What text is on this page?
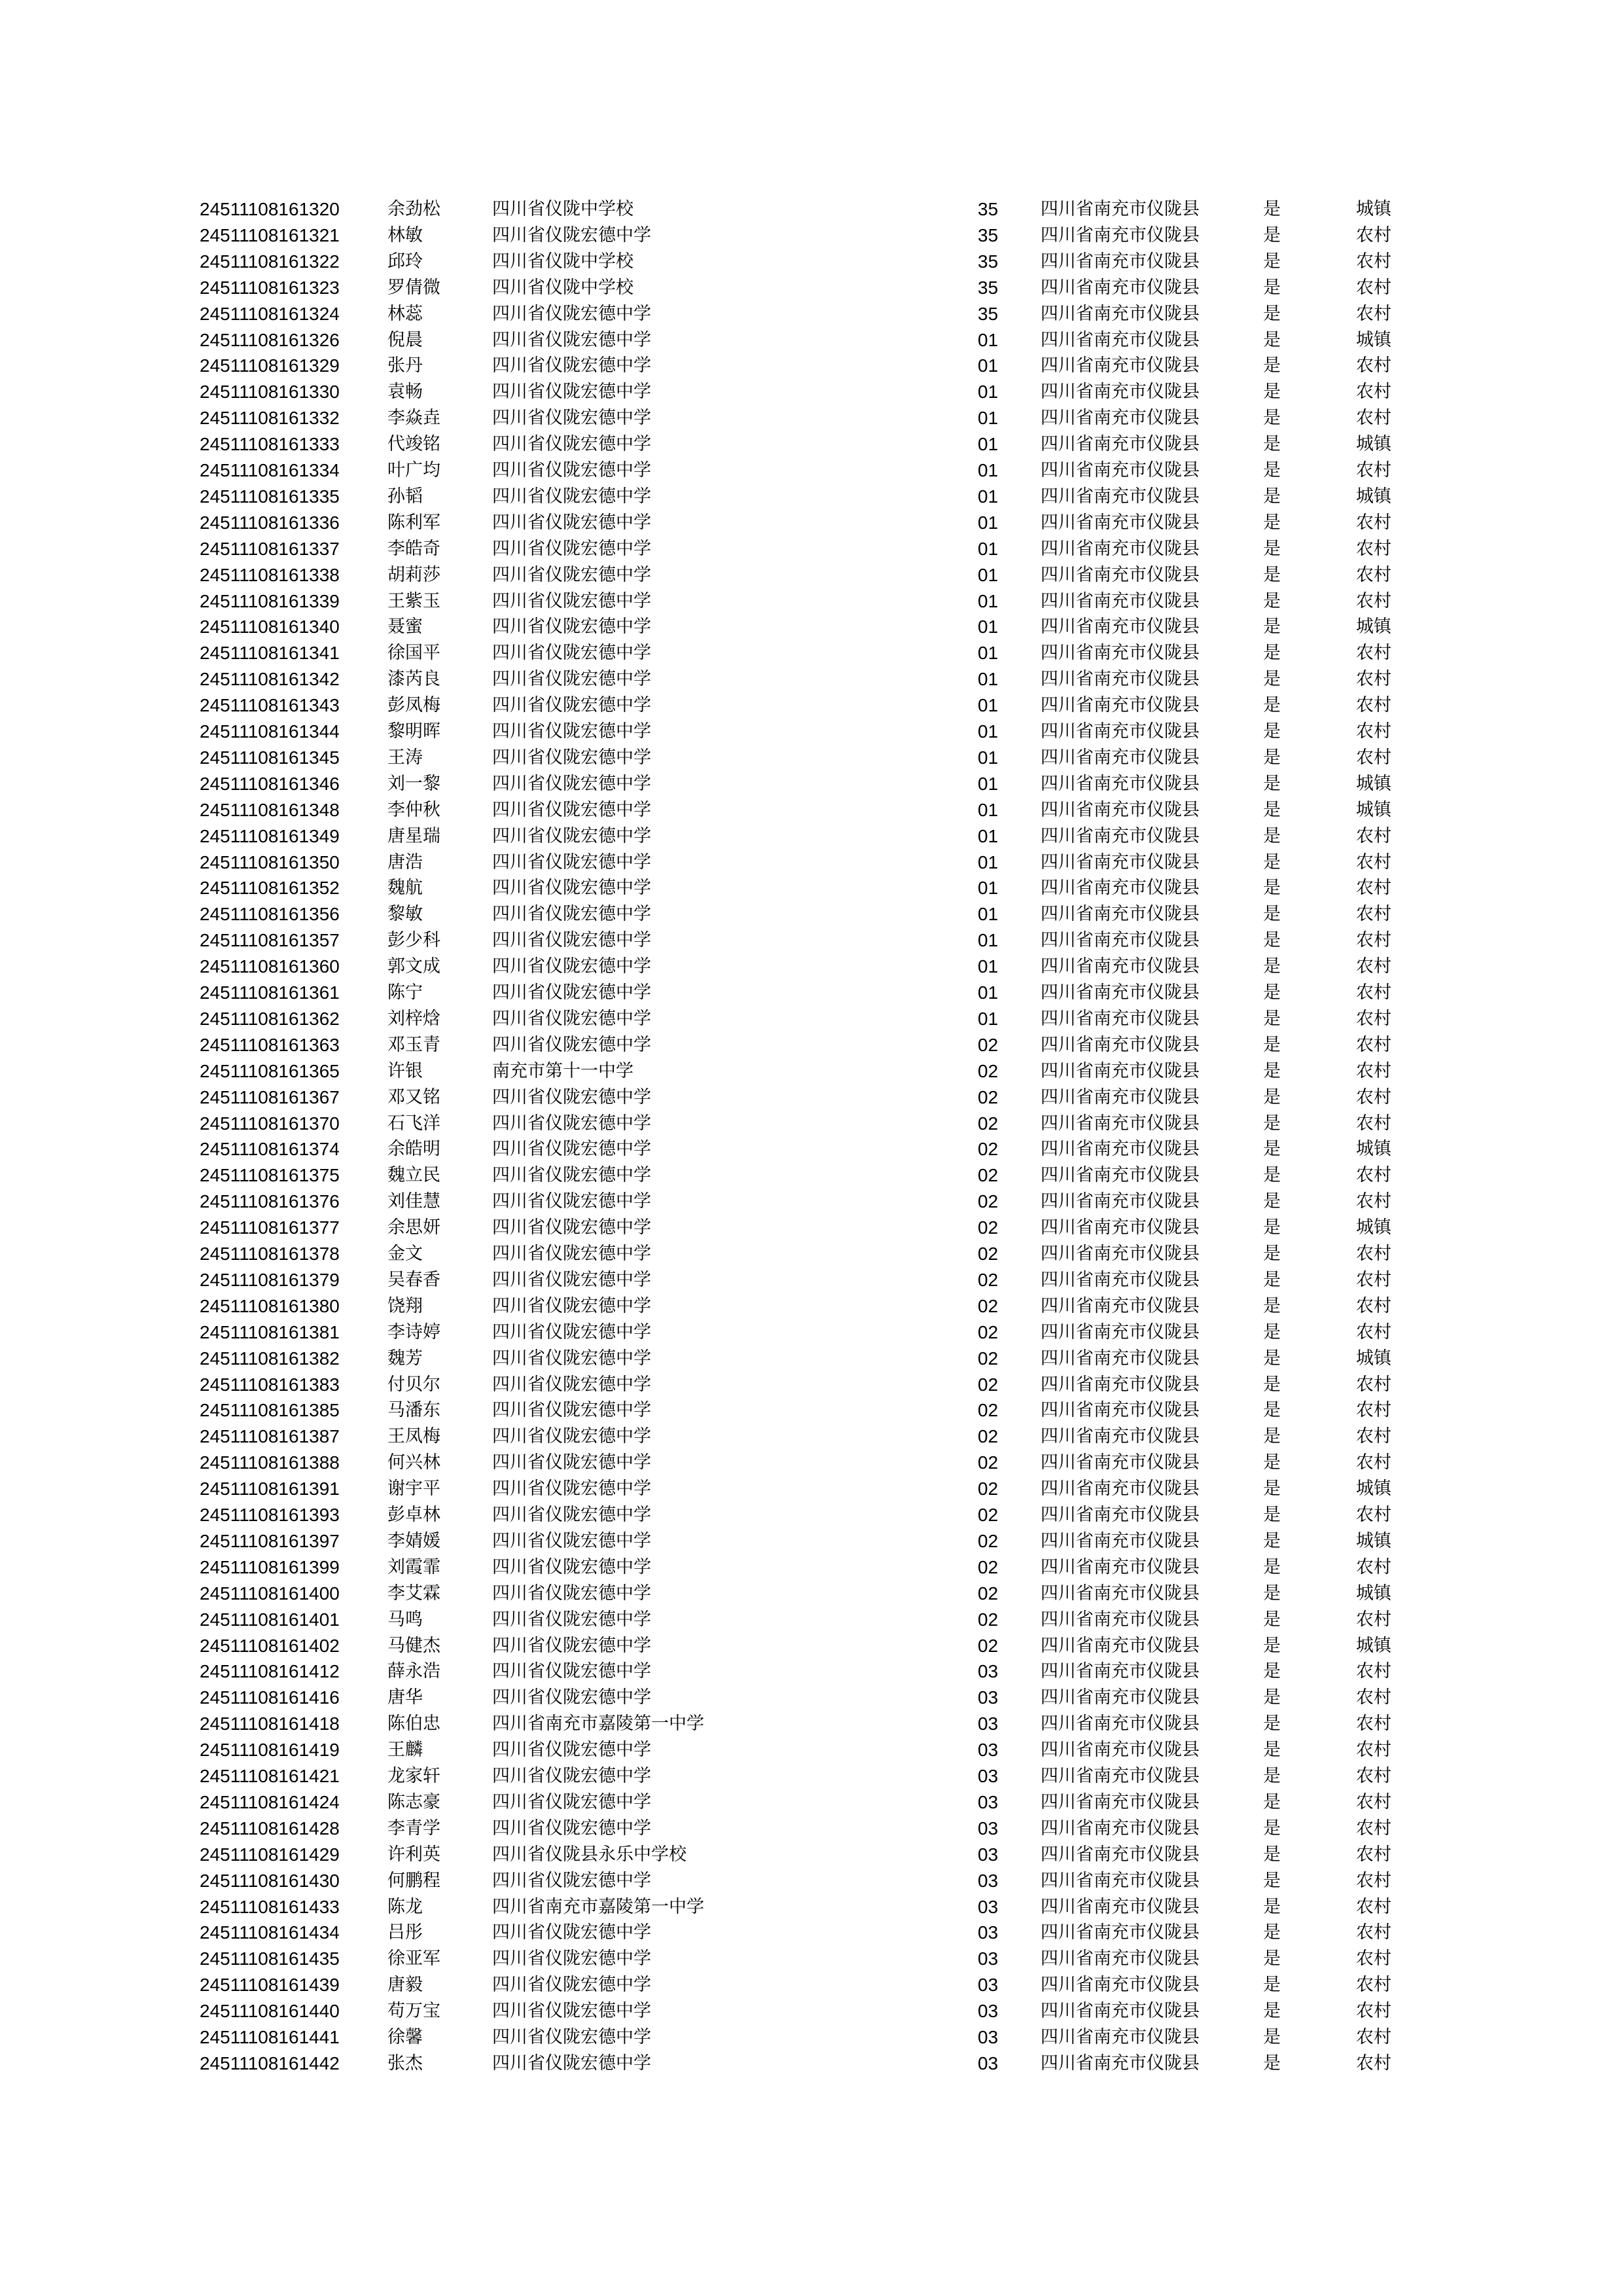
24511108161320	余劲松	四川省仪陇中学校	35 四川省南充市仪陇县	是	城镇
24511108161321	林敏	四川省仪陇宏德中学	35 四川省南充市仪陇县	是	农村
24511108161322	邱玲	四川省仪陇中学校	35 四川省南充市仪陇县	是	农村
24511108161323	罗倩微	四川省仪陇中学校	35 四川省南充市仪陇县	是	农村
24511108161324	林蕊	四川省仪陇宏德中学	35 四川省南充市仪陇县	是	农村
24511108161326	倪晨	四川省仪陇宏德中学	01 四川省南充市仪陇县	是	城镇
24511108161329	张丹	四川省仪陇宏德中学	01 四川省南充市仪陇县	是	农村
24511108161330	袁畅	四川省仪陇宏德中学	01 四川省南充市仪陇县	是	农村
24511108161332	李焱垚	四川省仪陇宏德中学	01 四川省南充市仪陇县	是	农村
24511108161333	代竣铭	四川省仪陇宏德中学	01 四川省南充市仪陇县	是	城镇
24511108161334	叶广均	四川省仪陇宏德中学	01 四川省南充市仪陇县	是	农村
24511108161335	孙韬	四川省仪陇宏德中学	01 四川省南充市仪陇县	是	城镇
24511108161336	陈利军	四川省仪陇宏德中学	01 四川省南充市仪陇县	是	农村
24511108161337	李皓奇	四川省仪陇宏德中学	01 四川省南充市仪陇县	是	农村
24511108161338	胡莉莎	四川省仪陇宏德中学	01 四川省南充市仪陇县	是	农村
24511108161339	王紫玉	四川省仪陇宏德中学	01 四川省南充市仪陇县	是	农村
24511108161340	聂蜜	四川省仪陇宏德中学	01 四川省南充市仪陇县	是	城镇
24511108161341	徐国平	四川省仪陇宏德中学	01 四川省南充市仪陇县	是	农村
24511108161342	漆芮良	四川省仪陇宏德中学	01 四川省南充市仪陇县	是	农村
24511108161343	彭凤梅	四川省仪陇宏德中学	01 四川省南充市仪陇县	是	农村
24511108161344	黎明晖	四川省仪陇宏德中学	01 四川省南充市仪陇县	是	农村
24511108161345	王涛	四川省仪陇宏德中学	01 四川省南充市仪陇县	是	农村
24511108161346	刘一黎	四川省仪陇宏德中学	01 四川省南充市仪陇县	是	城镇
24511108161348	李仲秋	四川省仪陇宏德中学	01 四川省南充市仪陇县	是	城镇
24511108161349	唐星瑞	四川省仪陇宏德中学	01 四川省南充市仪陇县	是	农村
24511108161350	唐浩	四川省仪陇宏德中学	01 四川省南充市仪陇县	是	农村
24511108161352	魏航	四川省仪陇宏德中学	01 四川省南充市仪陇县	是	农村
24511108161356	黎敏	四川省仪陇宏德中学	01 四川省南充市仪陇县	是	农村
24511108161357	彭少科	四川省仪陇宏德中学	01 四川省南充市仪陇县	是	农村
24511108161360	郭文成	四川省仪陇宏德中学	01 四川省南充市仪陇县	是	农村
24511108161361	陈宁	四川省仪陇宏德中学	01 四川省南充市仪陇县	是	农村
24511108161362	刘梓焓	四川省仪陇宏德中学	01 四川省南充市仪陇县	是	农村
24511108161363	邓玉青	四川省仪陇宏德中学	02 四川省南充市仪陇县	是	农村
24511108161365	许银	南充市第十一中学	02 四川省南充市仪陇县	是	农村
24511108161367	邓又铭	四川省仪陇宏德中学	02 四川省南充市仪陇县	是	农村
24511108161370	石飞洋	四川省仪陇宏德中学	02 四川省南充市仪陇县	是	农村
24511108161374	余皓明	四川省仪陇宏德中学	02 四川省南充市仪陇县	是	城镇
24511108161375	魏立民	四川省仪陇宏德中学	02 四川省南充市仪陇县	是	农村
24511108161376	刘佳慧	四川省仪陇宏德中学	02 四川省南充市仪陇县	是	农村
24511108161377	余思妍	四川省仪陇宏德中学	02 四川省南充市仪陇县	是	城镇
24511108161378	金文	四川省仪陇宏德中学	02 四川省南充市仪陇县	是	农村
24511108161379	吴春香	四川省仪陇宏德中学	02 四川省南充市仪陇县	是	农村
24511108161380	饶翔	四川省仪陇宏德中学	02 四川省南充市仪陇县	是	农村
24511108161381	李诗婷	四川省仪陇宏德中学	02 四川省南充市仪陇县	是	农村
24511108161382	魏芳	四川省仪陇宏德中学	02 四川省南充市仪陇县	是	城镇
24511108161383	付贝尔	四川省仪陇宏德中学	02 四川省南充市仪陇县	是	农村
24511108161385	马潘东	四川省仪陇宏德中学	02 四川省南充市仪陇县	是	农村
24511108161387	王凤梅	四川省仪陇宏德中学	02 四川省南充市仪陇县	是	农村
24511108161388	何兴林	四川省仪陇宏德中学	02 四川省南充市仪陇县	是	农村
24511108161391	谢宇平	四川省仪陇宏德中学	02 四川省南充市仪陇县	是	城镇
24511108161393	彭卓林	四川省仪陇宏德中学	02 四川省南充市仪陇县	是	农村
24511108161397	李婧媛	四川省仪陇宏德中学	02 四川省南充市仪陇县	是	城镇
24511108161399	刘霞霏	四川省仪陇宏德中学	02 四川省南充市仪陇县	是	农村
24511108161400	李艾霖	四川省仪陇宏德中学	02 四川省南充市仪陇县	是	城镇
24511108161401	马鸣	四川省仪陇宏德中学	02 四川省南充市仪陇县	是	农村
24511108161402	马健杰	四川省仪陇宏德中学	02 四川省南充市仪陇县	是	城镇
24511108161412	薛永浩	四川省仪陇宏德中学	03 四川省南充市仪陇县	是	农村
24511108161416	唐华	四川省仪陇宏德中学	03 四川省南充市仪陇县	是	农村
24511108161418	陈伯忠	四川省南充市嘉陵第一中学	03 四川省南充市仪陇县	是	农村
24511108161419	王麟	四川省仪陇宏德中学	03 四川省南充市仪陇县	是	农村
24511108161421	龙家轩	四川省仪陇宏德中学	03 四川省南充市仪陇县	是	农村
24511108161424	陈志豪	四川省仪陇宏德中学	03 四川省南充市仪陇县	是	农村
24511108161428	李青学	四川省仪陇宏德中学	03 四川省南充市仪陇县	是	农村
24511108161429	许利英	四川省仪陇县永乐中学校	03 四川省南充市仪陇县	是	农村
24511108161430	何鹏程	四川省仪陇宏德中学	03 四川省南充市仪陇县	是	农村
24511108161433	陈龙	四川省南充市嘉陵第一中学	03 四川省南充市仪陇县	是	农村
24511108161434	吕彤	四川省仪陇宏德中学	03 四川省南充市仪陇县	是	农村
24511108161435	徐亚军	四川省仪陇宏德中学	03 四川省南充市仪陇县	是	农村
24511108161439	唐毅	四川省仪陇宏德中学	03 四川省南充市仪陇县	是	农村
24511108161440	苟万宝	四川省仪陇宏德中学	03 四川省南充市仪陇县	是	农村
24511108161441	徐馨	四川省仪陇宏德中学	03 四川省南充市仪陇县	是	农村
24511108161442	张杰	四川省仪陇宏德中学	03 四川省南充市仪陇县	是	农村
